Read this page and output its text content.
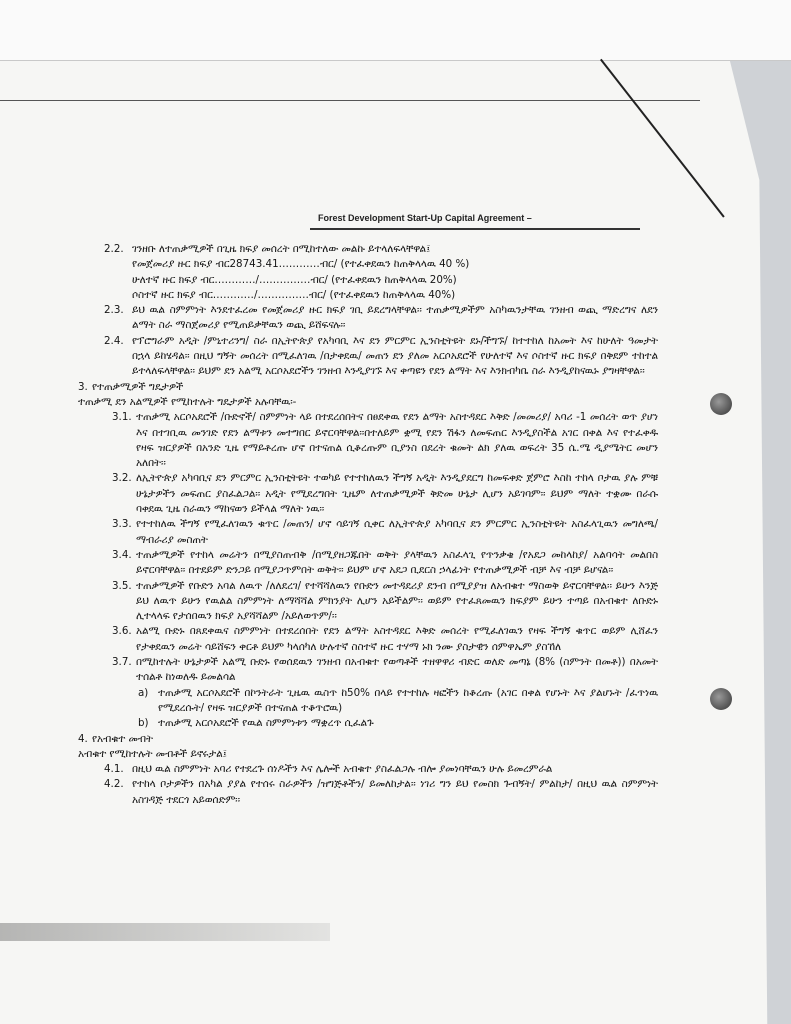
Forest Development Start-Up Capital Agreement –
2.2. ገንዘቡ ለተጠቃሚዎች በጊዜ ክፍያ መሰረት በሚከተለው መልኩ ይተላለፍላቸዋል፤
የመጀመሪያ ዙር ክፍያ ብር28743.41…………ብር/ (የተፈቀደዉን ከጠቅላላዉ 40 %)
ሁለተኛ ዙር ክፍያ ብር…………/……………ብር/ (የተፈቀደዉን ከጠቅላላዉ 20%)
ሶስተኛ ዙር ክፍያ ብር…………/……………ብር/ (የተፈቀደዉን ከጠቅላላዉ 40%)
2.3. ይህ ዉል ስምምነት እንደተፈረመ የመጀመሪያ ዙር ክፍያ ገቢ ይደረግላቸዋል፡፡ ተጠቃሚዎችም አስካዉንታቸዉ ገንዘብ ወጪ ማድረግና ለደን ልማት ስራ ማስጀመሪያ የሚጠይቃቸዉን ወጪ ይሸፍናሉ፡፡
2.4. የፕሮግራም አዲት /ምኒተሪንግ/ ስራ በኢትዮጵያ የአካባቢ እና ደን ምርምር ኢንስቲትዩት ደኑ/ችግኙ/ ከተተከለ ከአመት እና ከሁለት ዓመታት በኋላ ይከሄዳል፡፡ በዚህ ግኝት መሰረት በሚፈለገዉ /በታቀደዉ/ መጠን ደን ያለመ አርሶአደሮች የሁለተኛ እና ሶስተኛ ዙር ክፍያ በቅደም ተከተል ይተላለፍላቸዋል፡፡ ይህም ደን አልሚ አርሶአደሮችን ገንዘብ እንዲያገኙ እና ቀጣዩን የደን ልማት እና እንክብካቤ ስራ እንዲያከናዉኑ ያግዛቸዋል፡፡
3. የተጠቃሚዎች ግዴታዎች
ተጠቃሚ ደን አልሚዎች የሚከተሉት ግዴታዎች አሉባቸዉ፡-
3.1. ተጠቃሚ አርሶአደሮች /ቡድኖች/ ስምምነት ላይ በተደረሰበትና በፀደቀዉ የደን ልማት አስተዳደር እቅድ /መመሪያ/ አባሪ -1 መሰረት ወጥ ያሆነ እና በተገቢዉ መንገድ የደን ልማቱን መተግበር ይኖርባቸዋል፡፡በተለይም ቋሚ የደን ሽፋን ለመፍጠር እንዲያስችል አገር በቀል እና የተፈቀዱ የዛፍ ዝርያዎች በአንድ ጊዜ የማይቶረጡ ሆኖ በተናጠል ሲቆረጡም ቢያንስ በደረት ቁመት ልክ ያለዉ ወፍረት 35 ሴ.ሜ ዲያሜትር መሆን አለበት፡፡
3.2. ለኢትዮጵያ አካባቢና ደን ምርምር ኢንስቲትዩት ተወካይ የተተከለዉን ችግኝ አዲት እንዲያደርግ ከመፍቀድ ጀምሮ እስከ ተከላ ቦታዉ ያሉ ምቹ ሁኔታዎችን መፍጠር ያስፈልጋል፡፡ አዲት የሚደረግበት ጊዜም ለተጠቃሚዎች ቅድመ ሁኔታ ሊሆን አይገባም፡፡ ይህም ማለት ተቋሙ በራሱ ባቀደዉ ጊዜ ስራዉን ማከናወን ይችላል ማለት ነዉ፡፡
3.3. የተተከለዉ ችግኝ የሚፈለገዉን ቁጥር /መጠን/ ሆኖ ሳይገኝ ሲቀር ለኢትዮጵያ አካባቢና ደን ምርምር ኢንስቲትዩት አስፈላጊዉን መግለጫ/ማብራሪያ መስጠት
3.4. ተጠቃሚዎች የተከላ መሬትን በሚያስጠብቅ /በሚያዘጋጁበት ወቅት ያላቸዉን አስፈላጊ የጥንቃቄ /የአደጋ መከላከያ/ አልባሳት መልበስ ይኖርባቸዋል፡፡ በተደይም ድንጋይ በሚያጋጥምበት ወቅት፡፡ ይህም ሆኖ አደጋ ቢደርስ ኃላፊነት የተጠቃሚዎች ብቻ እና ብቻ ይሆናል፡፡
3.5. ተጠቃሚዎች የቡድን አባል ለዉጥ /ለለደረገ/ የተሻሻለዉን የቡድን መተዳደሪያ ደንብ በሚያያዝ ለአብቁተ ማስወቅ ይኖርባቸዋል፡፡ ይሁን እንጅ ይህ ለዉጥ ይሁን የዉልል ስምምነት ለማሻሻል ምክንያት ሊሆን አይችልም፡፡ ወይም የተፈጸመዉን ክፍያም ይሁን ተጣይ በአብቁተ ለቡድኑ ሊተላላፍ የታሰበዉን ክፍያ አያሻሻልም /አይለወጥም/፡፡
3.6. አልሚ ቡድኑ በጸደቀዉና ስምምነት በተደረሰበት የደን ልማት አስተዳደር እቅድ መሰረት የሚፈለገዉን የዛፍ ችግኝ ቁጥር ወይም ሊሸፈን የታቀደዉን መሬት ሳይሸፍን ቀርቶ ይህም ካላሰካለ ሁሉተኛ ስስተኛ ዙር ተሃማ ኑክ ንሙ ያስታዊን ሰምዋኤም ያስኸለ
3.7. በሚከተሉት ሁኔታዎች አልሚ ቡድኑ የወሰደዉን ገንዘብ በአብቁተ የወጣቶች ተዘዋዋሪ ብድር ወለድ መጣኔ (8% (ስምንት በመቶ)) በአመት ተሰልቶ ከነወለዱ ይመልሳል
a) ተጠቃሚ አርሶአደሮች በኮንትራት ጊዜዉ ዉስጥ ከ50% በላይ የተተከሉ ዛፎችን ከቆረጡ (አገር በቀል የሆኑት እና ያልሆኑት /ፈጥነዉ የሚደረሱት/ የዛፍ ዝርያዎች በተናጠል ተቆጥሮዉ)
b) ተጠቃሚ አርሶአደሮች የዉል ስምምነቱን ማቋረጥ ሲፈልጉ
4. የአብቁተ መብት
አብቁተ የሚከተሉት መብቶች ይኖሩታል፤
4.1. በዚህ ዉል ስምምነት አባሪ የተደረጉ ሰነዶችን እና ሌሎች አብቁተ ያስፈልጋሉ ብሎ ያመነባቸዉን ሁሉ ይመረምራል
4.2. የተከላ ቦታዎችን በአካል ያያል የተሰሩ ስራዎችን /ዝግጅቶችን/ ይመለከታል፡፡ ነገሪ ግን ይህ የመስክ ጉብኝት/ ምልከታ/ በዚህ ዉል ስምምነት አስገዳጅ ተደርጎ አይወሰድም፡፡
